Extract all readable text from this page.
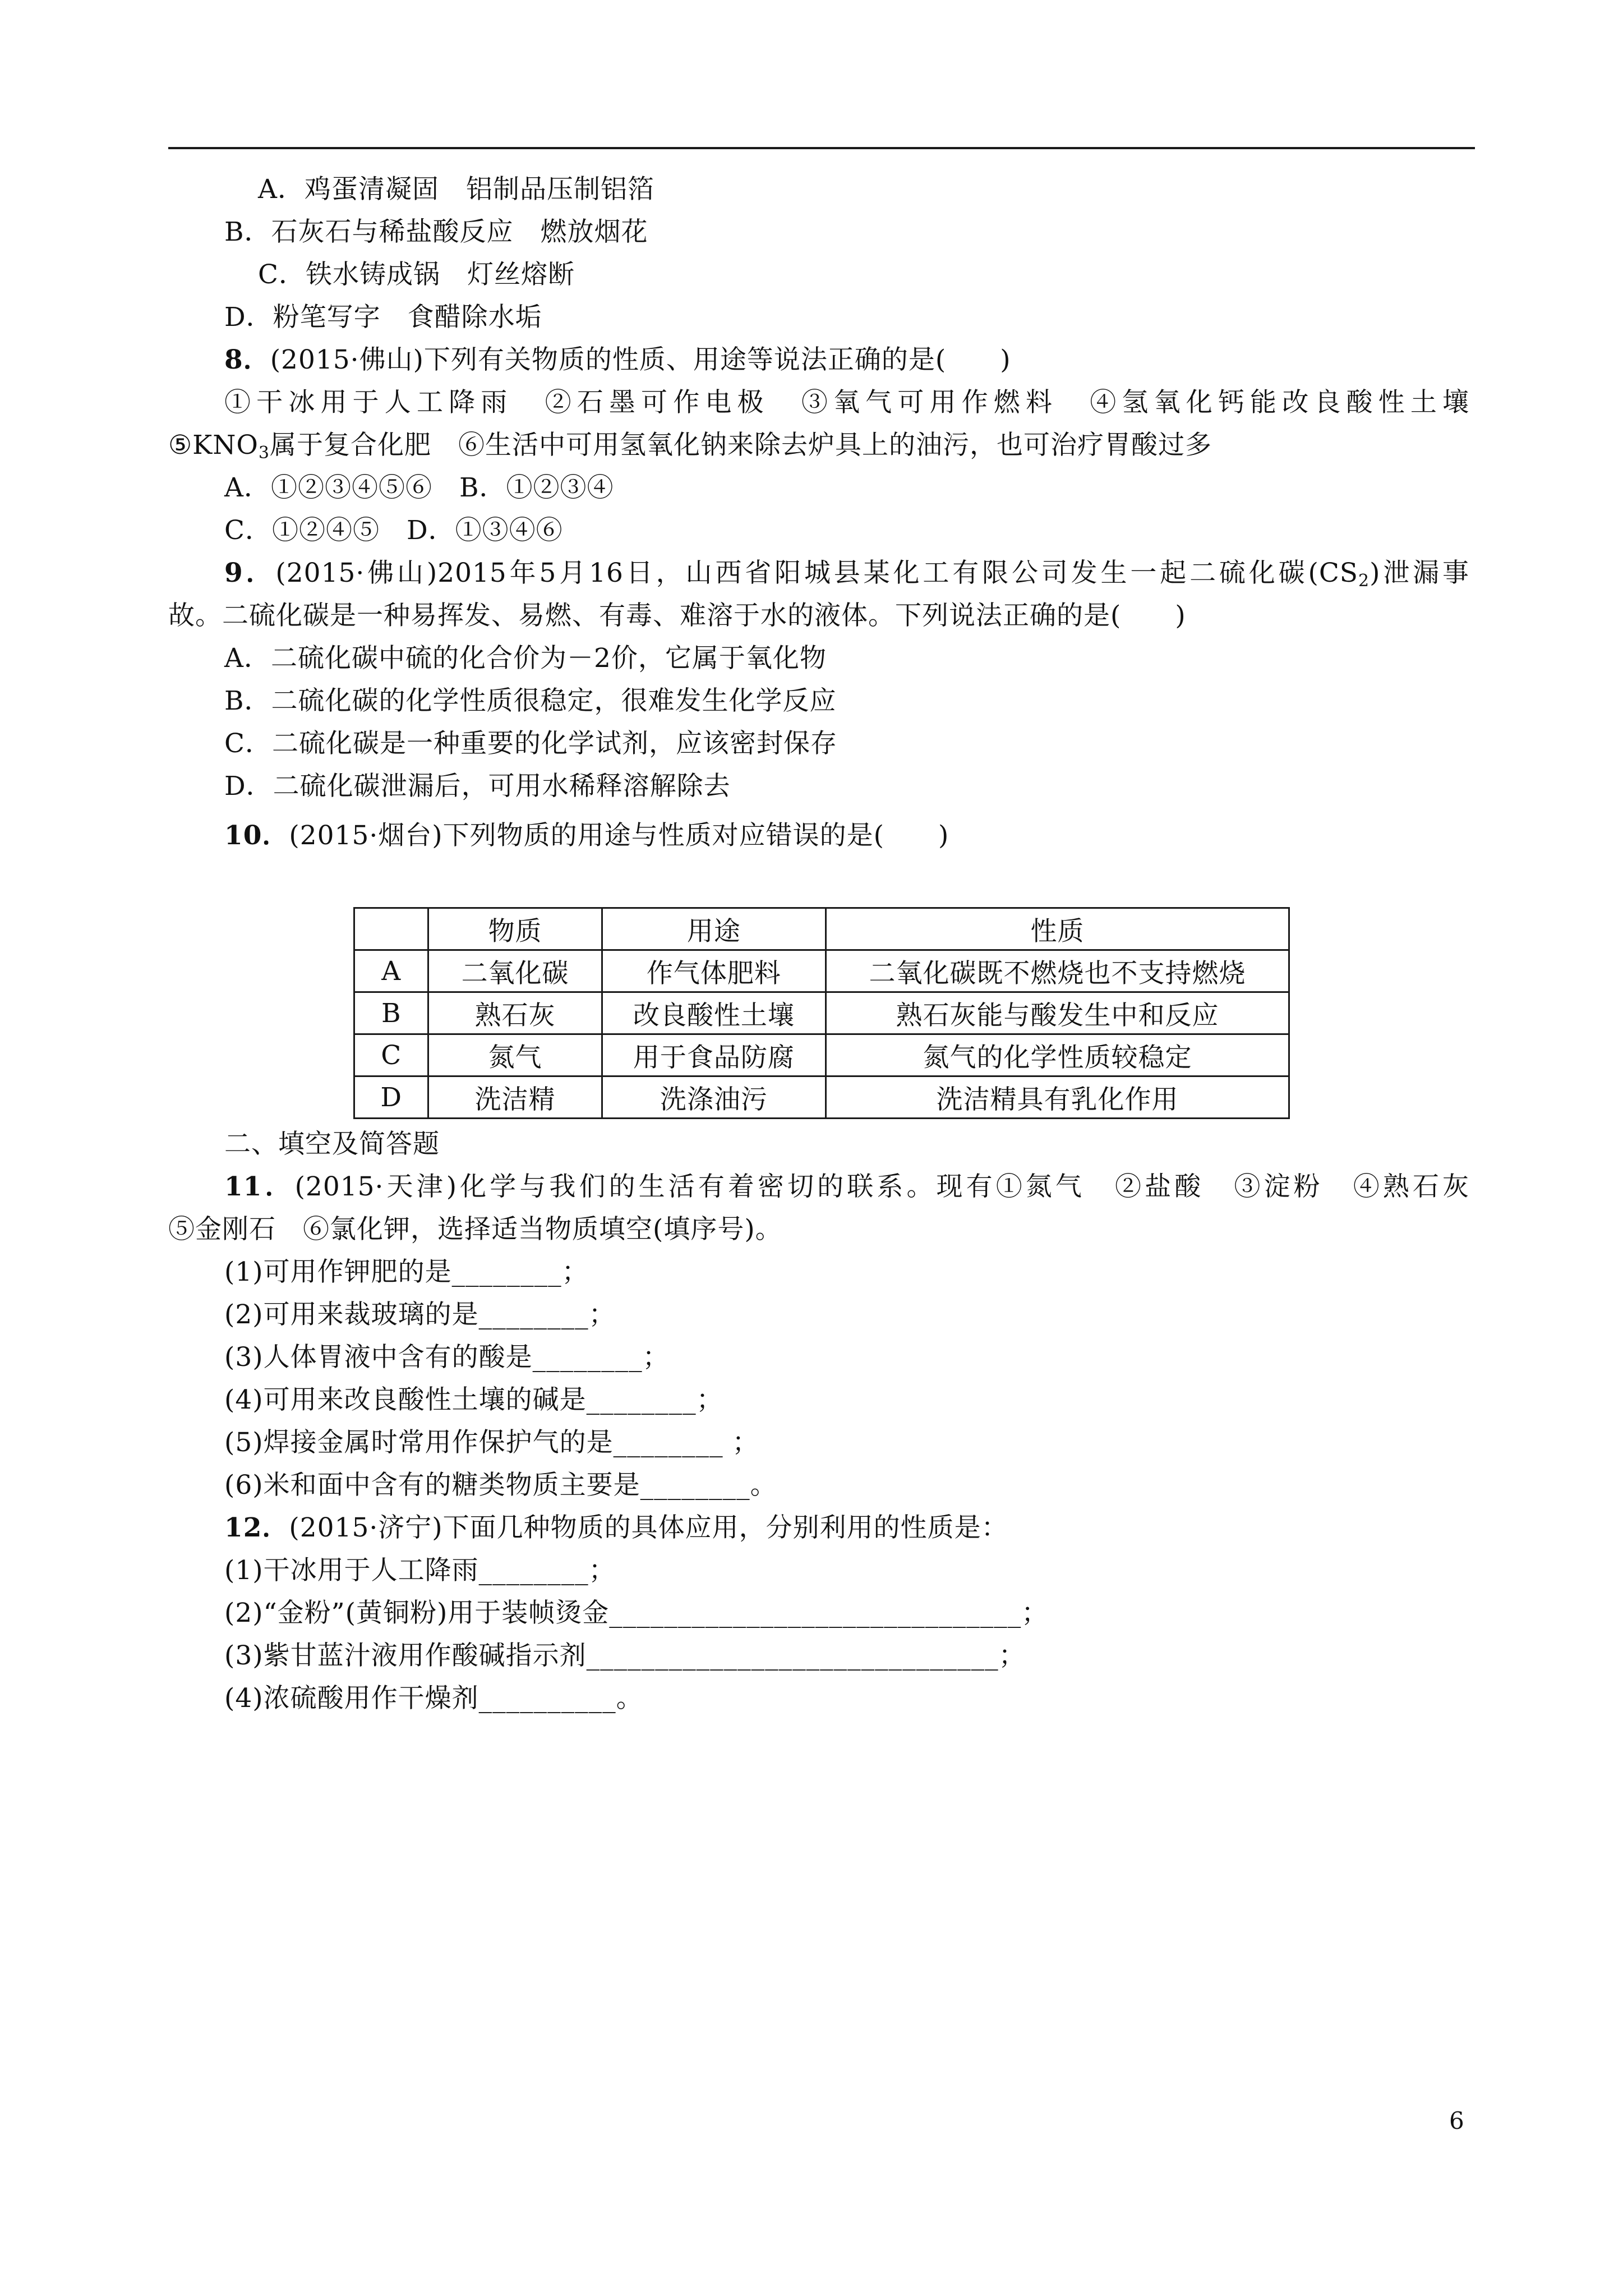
A．鸡蛋清凝固　铝制品压制铝箔
B．石灰石与稀盐酸反应　燃放烟花
C．铁水铸成锅　灯丝熔断
D．粉笔写字　食醋除水垢
8．(2015·佛山)下列有关物质的性质、用途等说法正确的是(　　)
①干冰用于人工降雨　②石墨可作电极　③氧气可用作燃料　④氢氧化钙能改良酸性土壤
$⑤KNO_3$属于复合化肥　⑥生活中可用氢氧化钠来除去炉具上的油污，也可治疗胃酸过多
A．①②③④⑤⑥　B．①②③④
C．①②④⑤　D．①③④⑥
9．(2015·佛山)2015年5月16日，山西省阳城县某化工有限公司发生一起二硫化碳$(CS_2)$泄漏事
故。二硫化碳是一种易挥发、易燃、有毒、难溶于水的液体。下列说法正确的是(　　)
A．二硫化碳中硫的化合价为－2价，它属于氧化物
B．二硫化碳的化学性质很稳定，很难发生化学反应
C．二硫化碳是一种重要的化学试剂，应该密封保存
D．二硫化碳泄漏后，可用水稀释溶解除去
10．(2015·烟台)下列物质的用途与性质对应错误的是(　　)
	物质	用途	性质
A	二氧化碳	作气体肥料	二氧化碳既不燃烧也不支持燃烧
B	熟石灰	改良酸性土壤	熟石灰能与酸发生中和反应
C	氮气	用于食品防腐	氮气的化学性质较稳定
D	洗洁精	洗涤油污	洗洁精具有乳化作用
二、填空及简答题
11．(2015·天津)化学与我们的生活有着密切的联系。现有①氮气　②盐酸　③淀粉　④熟石灰
⑤金刚石　⑥氯化钾，选择适当物质填空(填序号)。
(1)可用作钾肥的是________；
(2)可用来裁玻璃的是________；
(3)人体胃液中含有的酸是________；
(4)可用来改良酸性土壤的碱是________；
(5)焊接金属时常用作保护气的是________ ；
(6)米和面中含有的糖类物质主要是________。
12．(2015·济宁)下面几种物质的具体应用，分别利用的性质是：
(1)干冰用于人工降雨________；
(2)“金粉”(黄铜粉)用于装帧烫金______________________________；
(3)紫甘蓝汁液用作酸碱指示剂______________________________；
(4)浓硫酸用作干燥剂__________。
6
